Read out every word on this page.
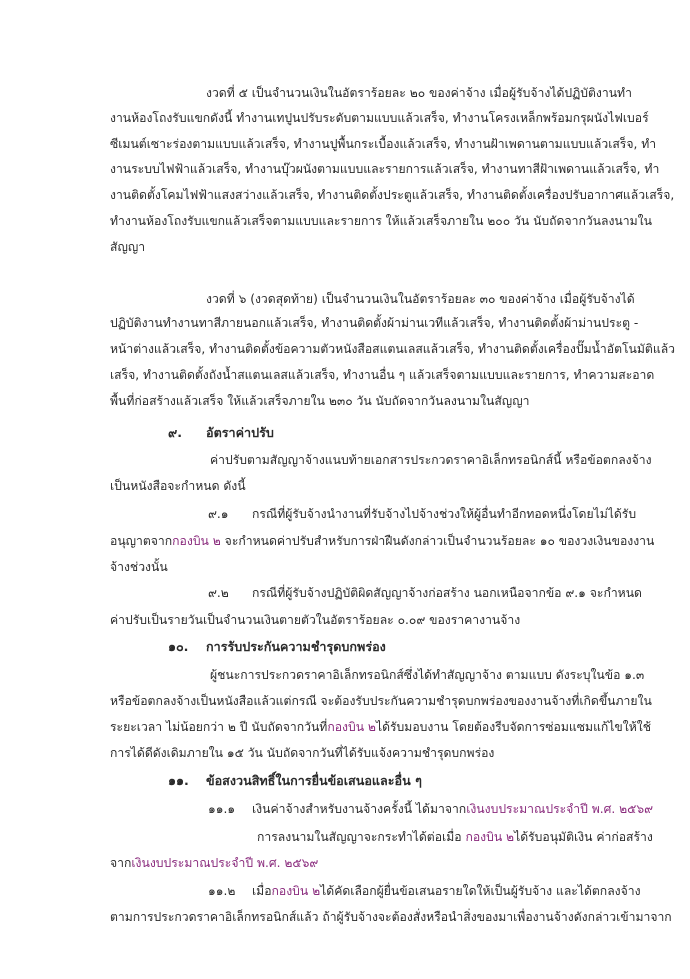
งวดที่ ๕ เป็นจำนวนเงินในอัตราร้อยละ ๒๐ ของค่าจ้าง เมื่อผู้รับจ้างได้ปฏิบัติงานทำ
งานห้องโถงรับแขกดังนี้ ทำงานเทปูนปรับระดับตามแบบแล้วเสร็จ, ทำงานโครงเหล็กพร้อมกรุผนังไฟเบอร์
ซีเมนต์เซาะร่องตามแบบแล้วเสร็จ, ทำงานปูพื้นกระเบื้องแล้วเสร็จ, ทำงานฝ้าเพดานตามแบบแล้วเสร็จ, ทำ
งานระบบไฟฟ้าแล้วเสร็จ, ทำงานบุ๊วผนังตามแบบและรายการแล้วเสร็จ, ทำงานทาสีฝ้าเพดานแล้วเสร็จ, ทำ
งานติดตั้งโคมไฟฟ้าแสงสว่างแล้วเสร็จ, ทำงานติดตั้งประตูแล้วเสร็จ, ทำงานติดตั้งเครื่องปรับอากาศแล้วเสร็จ,
ทำงานห้องโถงรับแขกแล้วเสร็จตามแบบและรายการ ให้แล้วเสร็จภายใน ๒๐๐ วัน นับถัดจากวันลงนามใน
สัญญา
งวดที่ ๖ (งวดสุดท้าย) เป็นจำนวนเงินในอัตราร้อยละ ๓๐ ของค่าจ้าง เมื่อผู้รับจ้างได้
ปฏิบัติงานทำงานทาสีภายนอกแล้วเสร็จ, ทำงานติดตั้งผ้าม่านเวทีแล้วเสร็จ, ทำงานติดตั้งผ้าม่านประตู -
หน้าต่างแล้วเสร็จ, ทำงานติดตั้งข้อความตัวหนังสือสแตนเลสแล้วเสร็จ, ทำงานติดตั้งเครื่องปั๊มน้ำอัตโนมัติแล้ว
เสร็จ, ทำงานติดตั้งถังน้ำสแตนเลสแล้วเสร็จ, ทำงานอื่น ๆ แล้วเสร็จตามแบบและรายการ, ทำความสะอาด
พื้นที่ก่อสร้างแล้วเสร็จ ให้แล้วเสร็จภายใน ๒๓๐ วัน นับถัดจากวันลงนามในสัญญา
๙. อัตราค่าปรับ
ค่าปรับตามสัญญาจ้างแนบท้ายเอกสารประกวดราคาอิเล็กทรอนิกส์นี้ หรือข้อตกลงจ้าง
เป็นหนังสือจะกำหนด ดังนี้
๙.๑ กรณีที่ผู้รับจ้างนำงานที่รับจ้างไปจ้างช่วงให้ผู้อื่นทำอีกทอดหนึ่งโดยไม่ได้รับ
อนุญาตจากกองบิน ๒ จะกำหนดค่าปรับสำหรับการฝ่าฝืนดังกล่าวเป็นจำนวนร้อยละ ๑๐ ของวงเงินของงาน
จ้างช่วงนั้น
๙.๒ กรณีที่ผู้รับจ้างปฏิบัติผิดสัญญาจ้างก่อสร้าง นอกเหนือจากข้อ ๙.๑ จะกำหนด
ค่าปรับเป็นรายวันเป็นจำนวนเงินตายตัวในอัตราร้อยละ ๐.๐๙ ของราคางานจ้าง
๑๐. การรับประกันความชำรุดบกพร่อง
ผู้ชนะการประกวดราคาอิเล็กทรอนิกส์ซึ่งได้ทำสัญญาจ้าง ตามแบบ ดังระบุในข้อ ๑.๓
หรือข้อตกลงจ้างเป็นหนังสือแล้วแต่กรณี จะต้องรับประกันความชำรุดบกพร่องของงานจ้างที่เกิดขึ้นภายใน
ระยะเวลา ไม่น้อยกว่า ๒ ปี นับถัดจากวันที่กองบิน ๒ได้รับมอบงาน โดยต้องรีบจัดการซ่อมแซมแก้ไขให้ใช้
การได้ดีดังเดิมภายใน ๑๕ วัน นับถัดจากวันที่ได้รับแจ้งความชำรุดบกพร่อง
๑๑. ข้อสงวนสิทธิ์ในการยื่นข้อเสนอและอื่น ๆ
๑๑.๑ เงินค่าจ้างสำหรับงานจ้างครั้งนี้ ได้มาจากเงินงบประมาณประจำปี พ.ศ. ๒๕๖๙
การลงนามในสัญญาจะกระทำได้ต่อเมื่อ กองบิน ๒ได้รับอนุมัติเงิน ค่าก่อสร้าง
จากเงินงบประมาณประจำปี พ.ศ. ๒๕๖๙
๑๑.๒ เมื่อกองบิน ๒ได้คัดเลือกผู้ยื่นข้อเสนอรายใดให้เป็นผู้รับจ้าง และได้ตกลงจ้าง
ตามการประกวดราคาอิเล็กทรอนิกส์แล้ว ถ้าผู้รับจ้างจะต้องสั่งหรือนำสิ่งของมาเพื่องานจ้างดังกล่าวเข้ามาจาก
